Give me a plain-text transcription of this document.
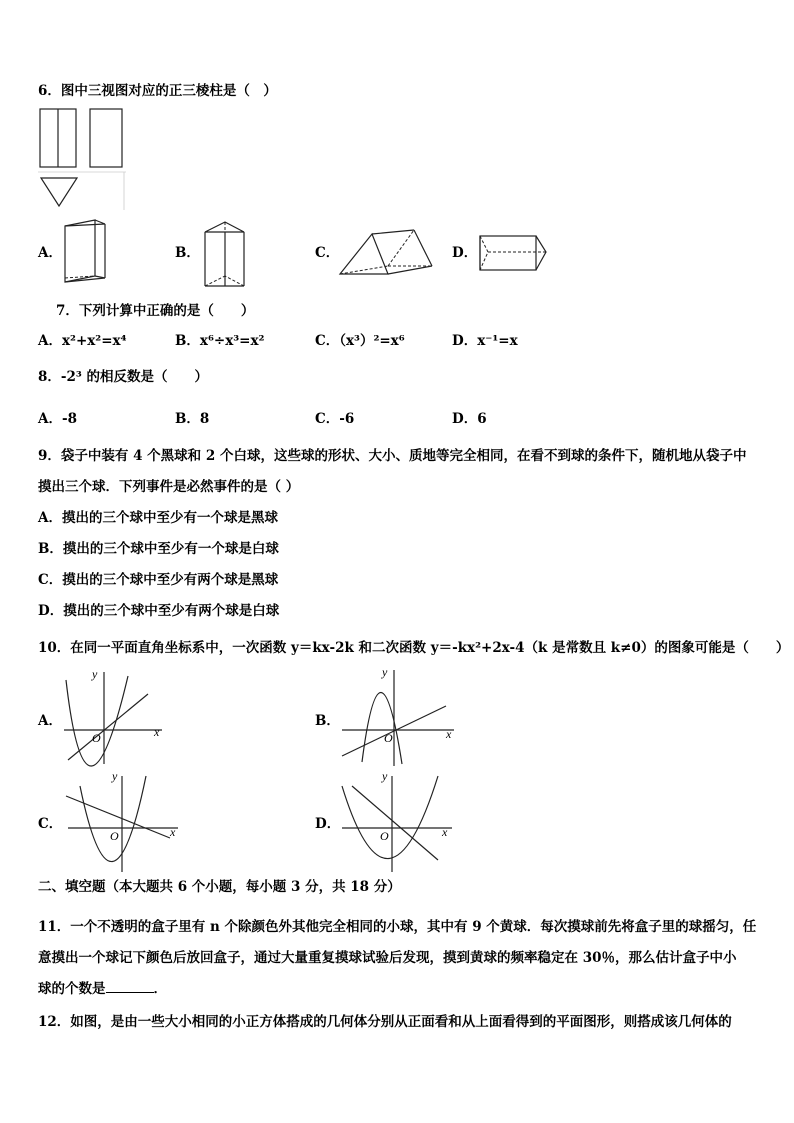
6．图中三视图对应的正三棱柱是（　）
A．	B．	C．	D．
7．下列计算中正确的是（　　）
A．x²+x²=x⁴	B．x⁶÷x³=x²	C．（x³）²=x⁶	D．x⁻¹=x
8．-2³ 的相反数是（　　）
A．-8	B．8	C．-6	D．6
9．袋子中装有 4 个黑球和 2 个白球，这些球的形状、大小、质地等完全相同，在看不到球的条件下，随机地从袋子中
摸出三个球．下列事件是必然事件的是（ ）
A．摸出的三个球中至少有一个球是黑球
B．摸出的三个球中至少有一个球是白球
C．摸出的三个球中至少有两个球是黑球
D．摸出的三个球中至少有两个球是白球
10．在同一平面直角坐标系中，一次函数 y＝kx-2k 和二次函数 y＝-kx²+2x-4（k 是常数且 k≠0）的图象可能是（　　）
A．
x
y
O
B．
x
y
O
C．	x
y
O
D．	x
y
O
二、填空题（本大题共 6 个小题，每小题 3 分，共 18 分）
11．一个不透明的盒子里有 n 个除颜色外其他完全相同的小球，其中有 9 个黄球．每次摸球前先将盒子里的球摇匀，任
意摸出一个球记下颜色后放回盒子，通过大量重复摸球试验后发现，摸到黄球的频率稳定在 30％，那么估计盒子中小
球的个数是	．
12．如图，是由一些大小相同的小正方体搭成的几何体分别从正面看和从上面看得到的平面图形，则搭成该几何体的
